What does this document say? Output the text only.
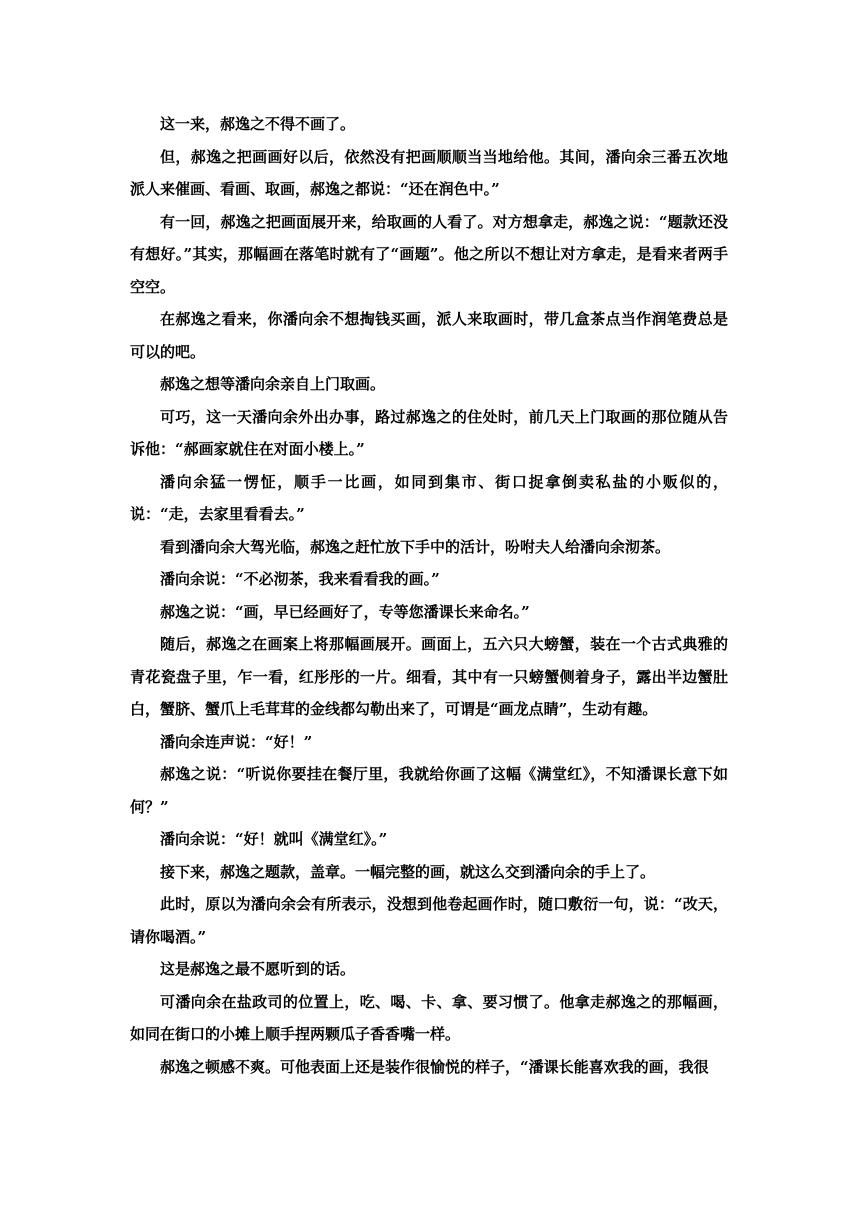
这一来，郝逸之不得不画了。

但，郝逸之把画画好以后，依然没有把画顺顺当当地给他。其间，潘向余三番五次地派人来催画、看画、取画，郝逸之都说：“还在润色中。”

有一回，郝逸之把画面展开来，给取画的人看了。对方想拿走，郝逸之说：“题款还没有想好。”其实，那幅画在落笔时就有了“画题”。他之所以不想让对方拿走，是看来者两手空空。

在郝逸之看来，你潘向余不想掏钱买画，派人来取画时，带几盒茶点当作润笔费总是可以的吧。

郝逸之想等潘向余亲自上门取画。

可巧，这一天潘向余外出办事，路过郝逸之的住处时，前几天上门取画的那位随从告诉他：“郝画家就住在对面小楼上。”

潘向余猛一愣怔，顺手一比画，如同到集市、街口捉拿倒卖私盐的小贩似的，说：“走，去家里看看去。”

看到潘向余大驾光临，郝逸之赶忙放下手中的活计，吩咐夫人给潘向余沏茶。

潘向余说：“不必沏茶，我来看看我的画。”

郝逸之说：“画，早已经画好了，专等您潘课长来命名。”

随后，郝逸之在画案上将那幅画展开。画面上，五六只大螃蟹，装在一个古式典雅的青花瓷盘子里，乍一看，红彤彤的一片。细看，其中有一只螃蟹侧着身子，露出半边蟹肚白，蟹脐、蟹爪上毛茸茸的金线都勾勒出来了，可谓是“画龙点睛”，生动有趣。

潘向余连声说：“好！”

郝逸之说：“听说你要挂在餐厅里，我就给你画了这幅《满堂红》，不知潘课长意下如何？”

潘向余说：“好！就叫《满堂红》。”

接下来，郝逸之题款，盖章。一幅完整的画，就这么交到潘向余的手上了。

此时，原以为潘向余会有所表示，没想到他卷起画作时，随口敷衍一句，说：“改天，请你喝酒。”

这是郝逸之最不愿听到的话。

可潘向余在盐政司的位置上，吃、喝、卡、拿、要习惯了。他拿走郝逸之的那幅画，如同在街口的小摊上顺手捏两颗瓜子香香嘴一样。

郝逸之顿感不爽。可他表面上还是装作很愉悦的样子，“潘课长能喜欢我的画，我很
